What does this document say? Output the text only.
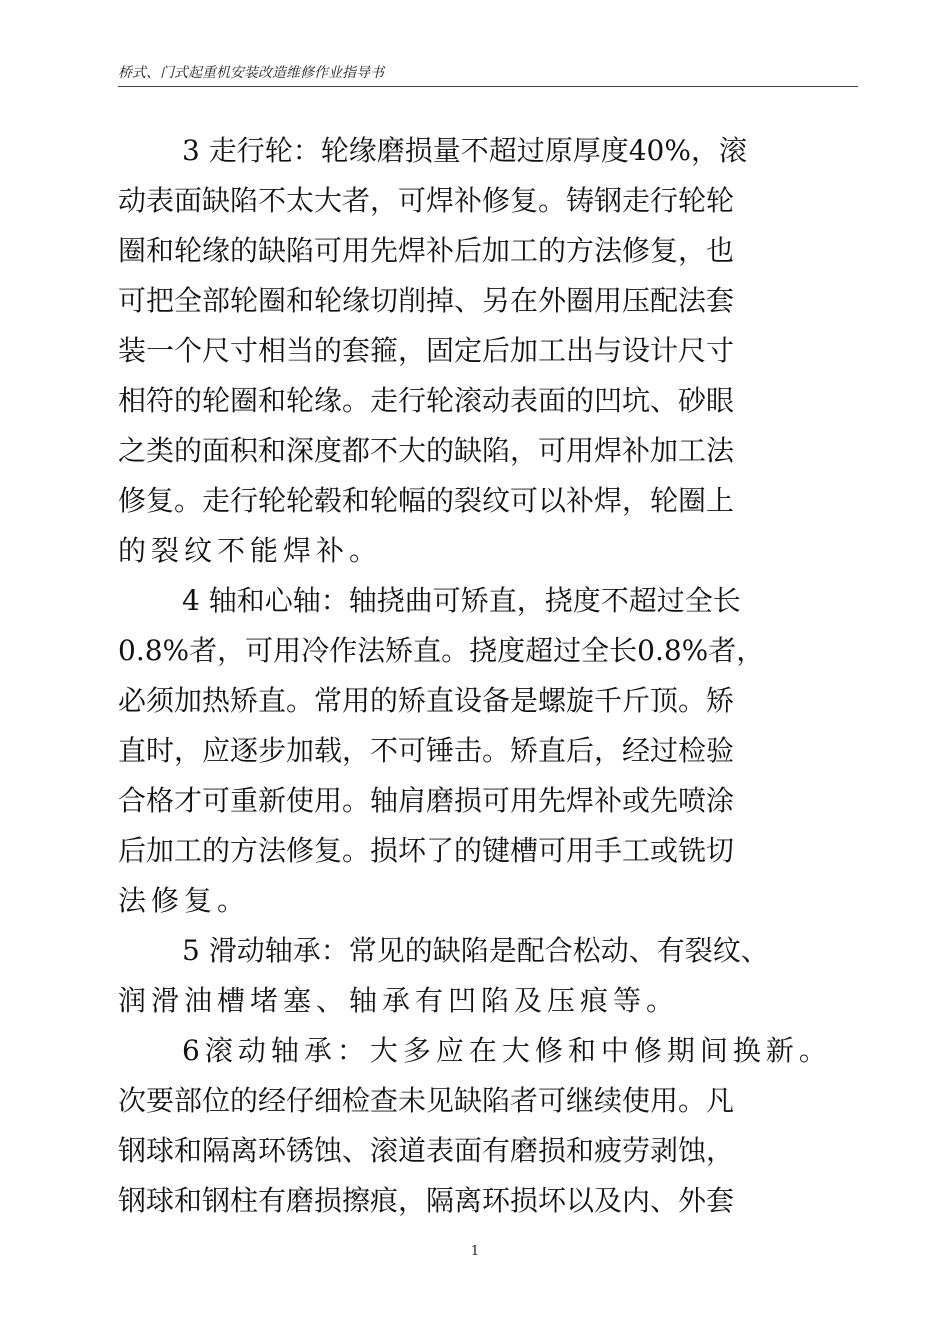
桥式、门式起重机安装改造维修作业指导书
3 走行轮：轮缘磨损量不超过原厚度40%，滚
动表面缺陷不太大者，可焊补修复。铸钢走行轮轮
圈和轮缘的缺陷可用先焊补后加工的方法修复，也
可把全部轮圈和轮缘切削掉、另在外圈用压配法套
装一个尺寸相当的套箍，固定后加工出与设计尺寸
相符的轮圈和轮缘。走行轮滚动表面的凹坑、砂眼
之类的面积和深度都不大的缺陷，可用焊补加工法
修复。走行轮轮毂和轮幅的裂纹可以补焊，轮圈上
的裂纹不能焊补。
4 轴和心轴：轴挠曲可矫直，挠度不超过全长
0.8%者，可用冷作法矫直。挠度超过全长0.8%者，
必须加热矫直。常用的矫直设备是螺旋千斤顶。矫
直时，应逐步加载，不可锤击。矫直后，经过检验
合格才可重新使用。轴肩磨损可用先焊补或先喷涂
后加工的方法修复。损坏了的键槽可用手工或铣切
法修复。
5 滑动轴承：常见的缺陷是配合松动、有裂纹、
润滑油槽堵塞、轴承有凹陷及压痕等。
6滚动轴承：大多应在大修和中修期间换新。
次要部位的经仔细检查未见缺陷者可继续使用。凡
钢球和隔离环锈蚀、滚道表面有磨损和疲劳剥蚀，
钢球和钢柱有磨损擦痕，隔离环损坏以及内、外套
1
